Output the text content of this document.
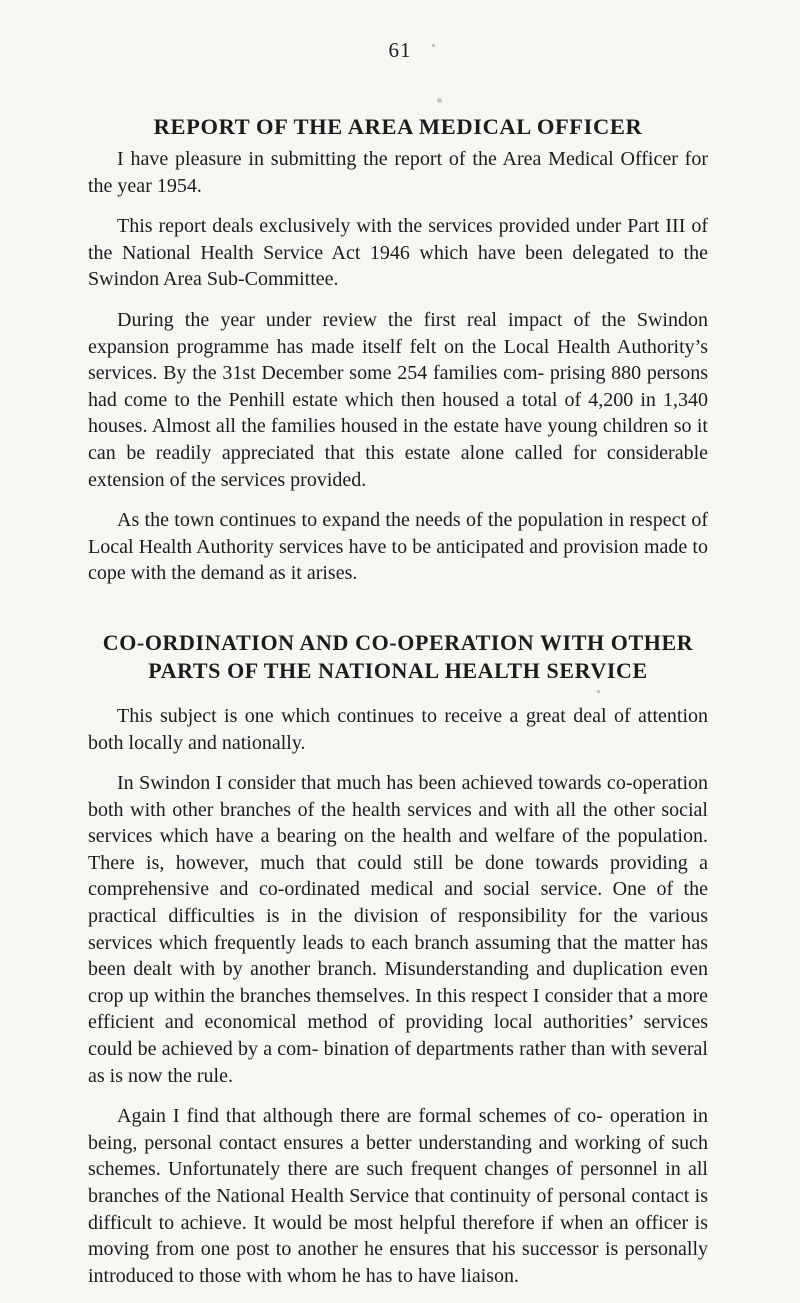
61
REPORT OF THE AREA MEDICAL OFFICER

I have pleasure in submitting the report of the Area Medical Officer for the year 1954.

This report deals exclusively with the services provided under Part III of the National Health Service Act 1946 which have been delegated to the Swindon Area Sub-Committee.

During the year under review the first real impact of the Swindon expansion programme has made itself felt on the Local Health Authority’s services. By the 31st December some 254 families com- prising 880 persons had come to the Penhill estate which then housed a total of 4,200 in 1,340 houses. Almost all the families housed in the estate have young children so it can be readily appreciated that this estate alone called for considerable extension of the services provided.

As the town continues to expand the needs of the population in respect of Local Health Authority services have to be anticipated and provision made to cope with the demand as it arises.

CO-ORDINATION AND CO-OPERATION WITH OTHER PARTS OF THE NATIONAL HEALTH SERVICE

This subject is one which continues to receive a great deal of attention both locally and nationally.

In Swindon I consider that much has been achieved towards co-operation both with other branches of the health services and with all the other social services which have a bearing on the health and welfare of the population. There is, however, much that could still be done towards providing a comprehensive and co-ordinated medical and social service. One of the practical difficulties is in the division of responsibility for the various services which frequently leads to each branch assuming that the matter has been dealt with by another branch. Misunderstanding and duplication even crop up within the branches themselves. In this respect I consider that a more efficient and economical method of providing local authorities’ services could be achieved by a com- bination of departments rather than with several as is now the rule.

Again I find that although there are formal schemes of co- operation in being, personal contact ensures a better understanding and working of such schemes. Unfortunately there are such frequent changes of personnel in all branches of the National Health Service that continuity of personal contact is difficult to achieve. It would be most helpful therefore if when an officer is moving from one post to another he ensures that his successor is personally introduced to those with whom he has to have liaison.
